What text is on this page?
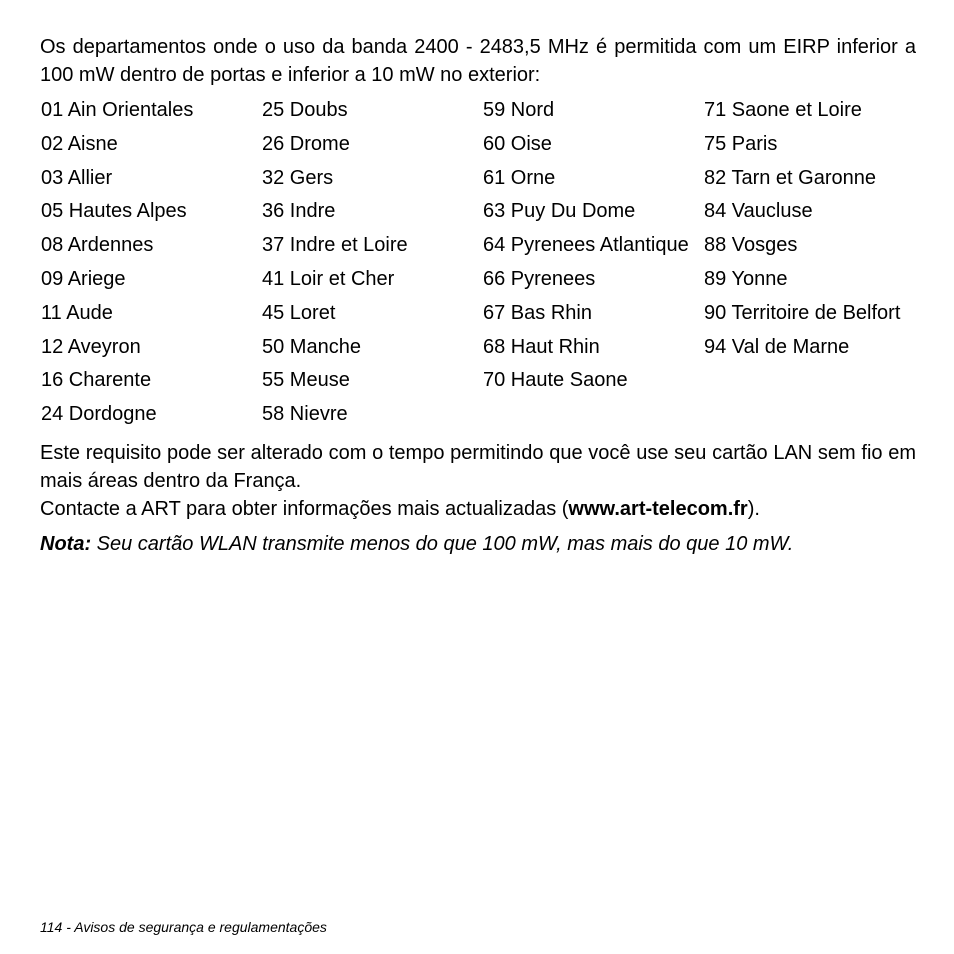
Os departamentos onde o uso da banda 2400 - 2483,5 MHz é permitida com um EIRP inferior a 100 mW dentro de portas e inferior a 10 mW no exterior:

01 Ain Orientales
02 Aisne
03 Allier
05 Hautes Alpes
08 Ardennes
09 Ariege
11 Aude
12 Aveyron
16 Charente
24 Dordogne
25 Doubs
26 Drome
32 Gers
36 Indre
37 Indre et Loire
41 Loir et Cher
45 Loret
50 Manche
55 Meuse
58 Nievre
59 Nord
60 Oise
61 Orne
63 Puy Du Dome
64 Pyrenees Atlantique
66 Pyrenees
67 Bas Rhin
68 Haut Rhin
70 Haute Saone
71 Saone et Loire
75 Paris
82 Tarn et Garonne
84 Vaucluse
88 Vosges
89 Yonne
90 Territoire de Belfort
94 Val de Marne

Este requisito pode ser alterado com o tempo permitindo que você use seu cartão LAN sem fio em mais áreas dentro da França.

Contacte a ART para obter informações mais actualizadas (www.art-telecom.fr).

Nota: Seu cartão WLAN transmite menos do que 100 mW, mas mais do que 10 mW.

114 - Avisos de segurança e regulamentações
